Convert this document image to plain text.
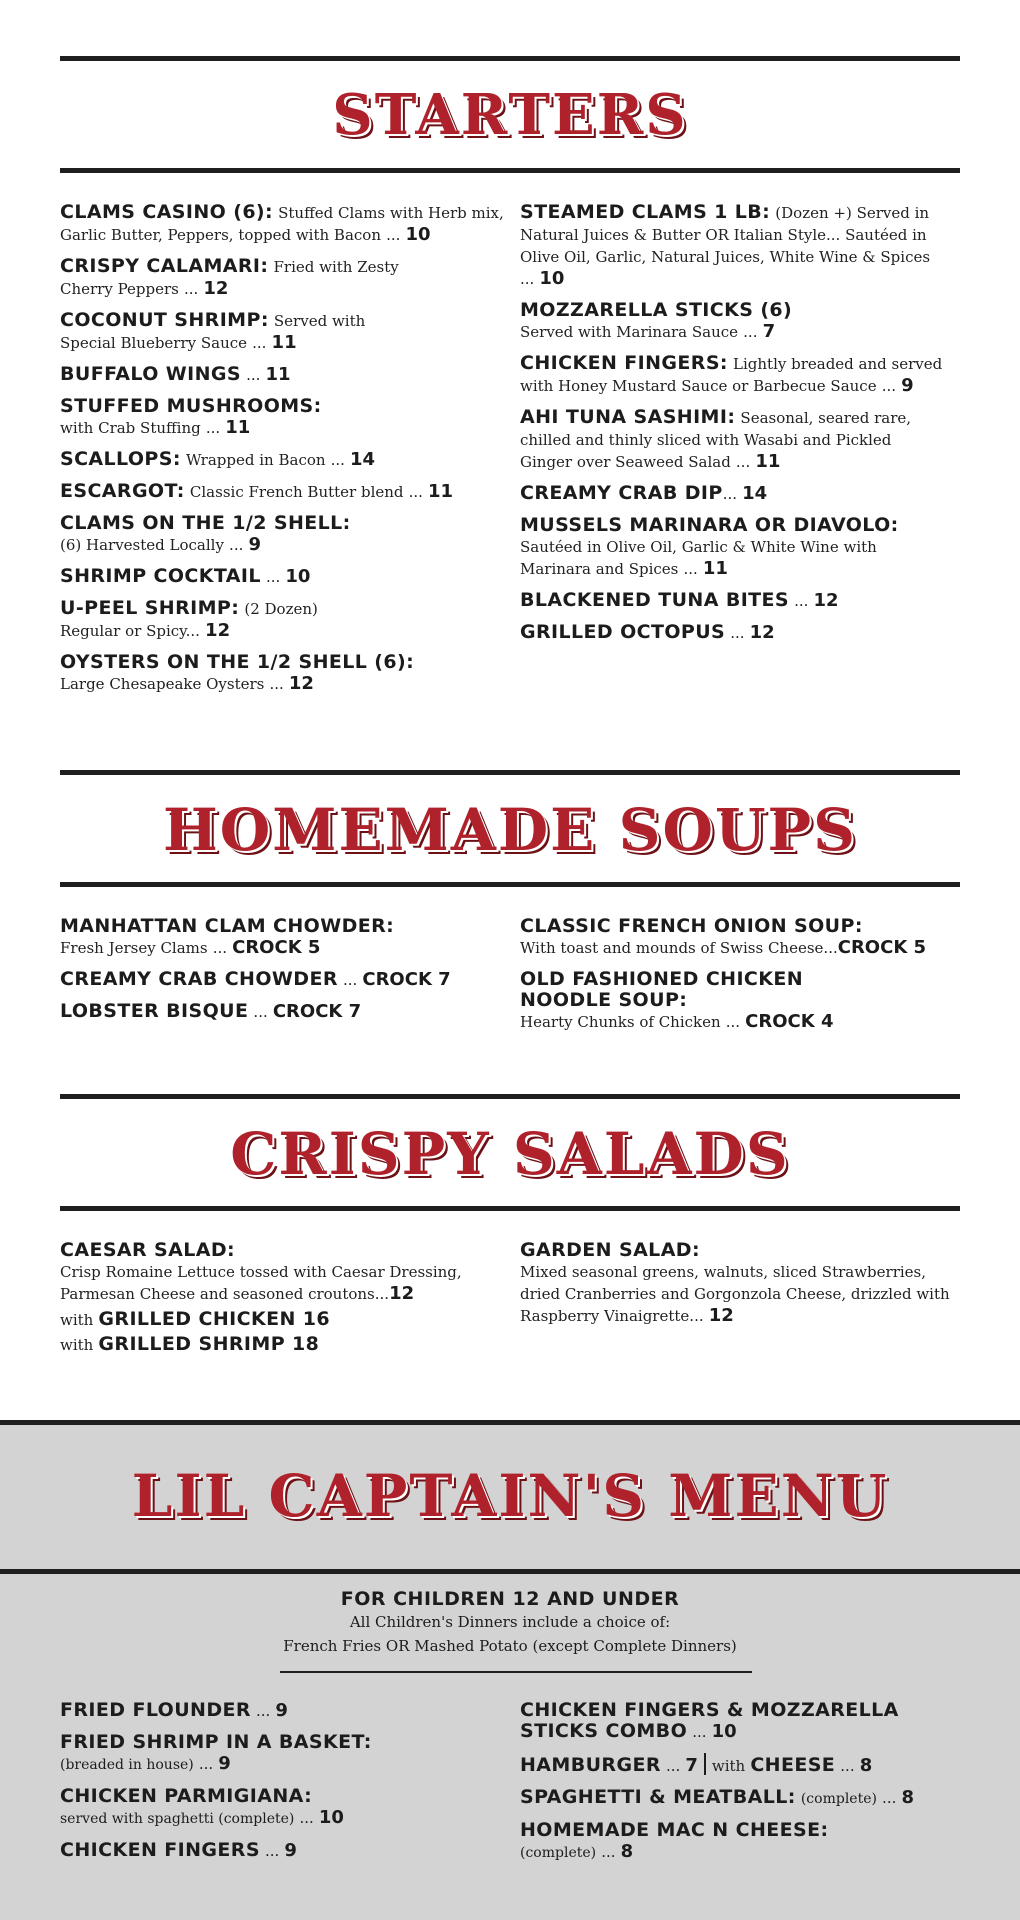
STARTERS
CLAMS CASINO (6): Stuffed Clams with Herb mix, Garlic Butter, Peppers, topped with Bacon ... 10
CRISPY CALAMARI: Fried with Zesty Cherry Peppers ... 12
COCONUT SHRIMP: Served with Special Blueberry Sauce ... 11
BUFFALO WINGS ... 11
STUFFED MUSHROOMS:
with Crab Stuffing ... 11
SCALLOPS: Wrapped in Bacon ... 14
ESCARGOT: Classic French Butter blend ... 11
CLAMS ON THE 1/2 SHELL:
(6) Harvested Locally ... 9
SHRIMP COCKTAIL ... 10
U-PEEL SHRIMP: (2 Dozen) Regular or Spicy... 12
OYSTERS ON THE 1/2 SHELL (6):
Large Chesapeake Oysters ... 12
STEAMED CLAMS 1 LB: (Dozen +) Served in Natural Juices & Butter OR Italian Style... Sautéed in Olive Oil, Garlic, Natural Juices, White Wine & Spices ... 10
MOZZARELLA STICKS (6)
Served with Marinara Sauce ... 7
CHICKEN FINGERS: Lightly breaded and served with Honey Mustard Sauce or Barbecue Sauce ... 9
AHI TUNA SASHIMI: Seasonal, seared rare, chilled and thinly sliced with Wasabi and Pickled Ginger over Seaweed Salad ... 11
CREAMY CRAB DIP... 14
MUSSELS MARINARA OR DIAVOLO:
Sautéed in Olive Oil, Garlic & White Wine with Marinara and Spices ... 11
BLACKENED TUNA BITES ... 12
GRILLED OCTOPUS ... 12
HOMEMADE SOUPS
MANHATTAN CLAM CHOWDER:
Fresh Jersey Clams ... CROCK 5
CREAMY CRAB CHOWDER ... CROCK 7
LOBSTER BISQUE ... CROCK 7
CLASSIC FRENCH ONION SOUP:
With toast and mounds of Swiss Cheese...CROCK 5
OLD FASHIONED CHICKEN NOODLE SOUP:
Hearty Chunks of Chicken ... CROCK 4
CRISPY SALADS
CAESAR SALAD:
Crisp Romaine Lettuce tossed with Caesar Dressing, Parmesan Cheese and seasoned croutons...12
with GRILLED CHICKEN 16
with GRILLED SHRIMP 18
GARDEN SALAD:
Mixed seasonal greens, walnuts, sliced Strawberries, dried Cranberries and Gorgonzola Cheese, drizzled with Raspberry Vinaigrette... 12
LIL CAPTAIN'S MENU
FOR CHILDREN 12 AND UNDER
All Children's Dinners include a choice of:
French Fries OR Mashed Potato (except Complete Dinners)
FRIED FLOUNDER ... 9
FRIED SHRIMP IN A BASKET:
(breaded in house) ... 9
CHICKEN PARMIGIANA:
served with spaghetti (complete) ... 10
CHICKEN FINGERS ... 9
CHICKEN FINGERS & MOZZARELLA STICKS COMBO ... 10
HAMBURGER ... 7 with CHEESE ... 8
SPAGHETTI & MEATBALL: (complete) ... 8
HOMEMADE MAC N CHEESE:
(complete) ... 8
